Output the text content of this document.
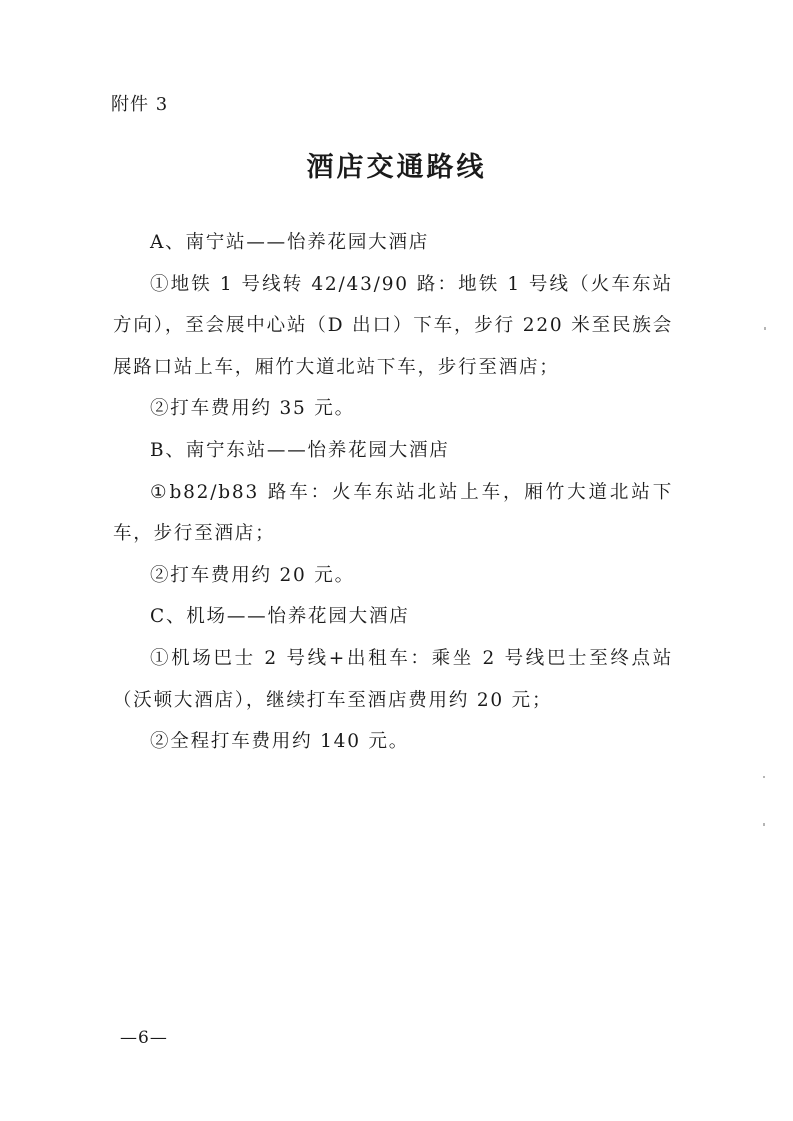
附件 3
酒店交通路线

A、南宁站——怡养花园大酒店

①地铁 1 号线转 42/43/90 路：地铁 1 号线（火车东站方向），至会展中心站（D 出口）下车，步行 220 米至民族会展路口站上车，厢竹大道北站下车，步行至酒店；

②打车费用约 35 元。

B、南宁东站——怡养花园大酒店

①b82/b83 路车：火车东站北站上车，厢竹大道北站下车，步行至酒店；

②打车费用约 20 元。

C、机场——怡养花园大酒店

①机场巴士 2 号线+出租车：乘坐 2 号线巴士至终点站（沃顿大酒店），继续打车至酒店费用约 20 元；

②全程打车费用约 140 元。

—6—
